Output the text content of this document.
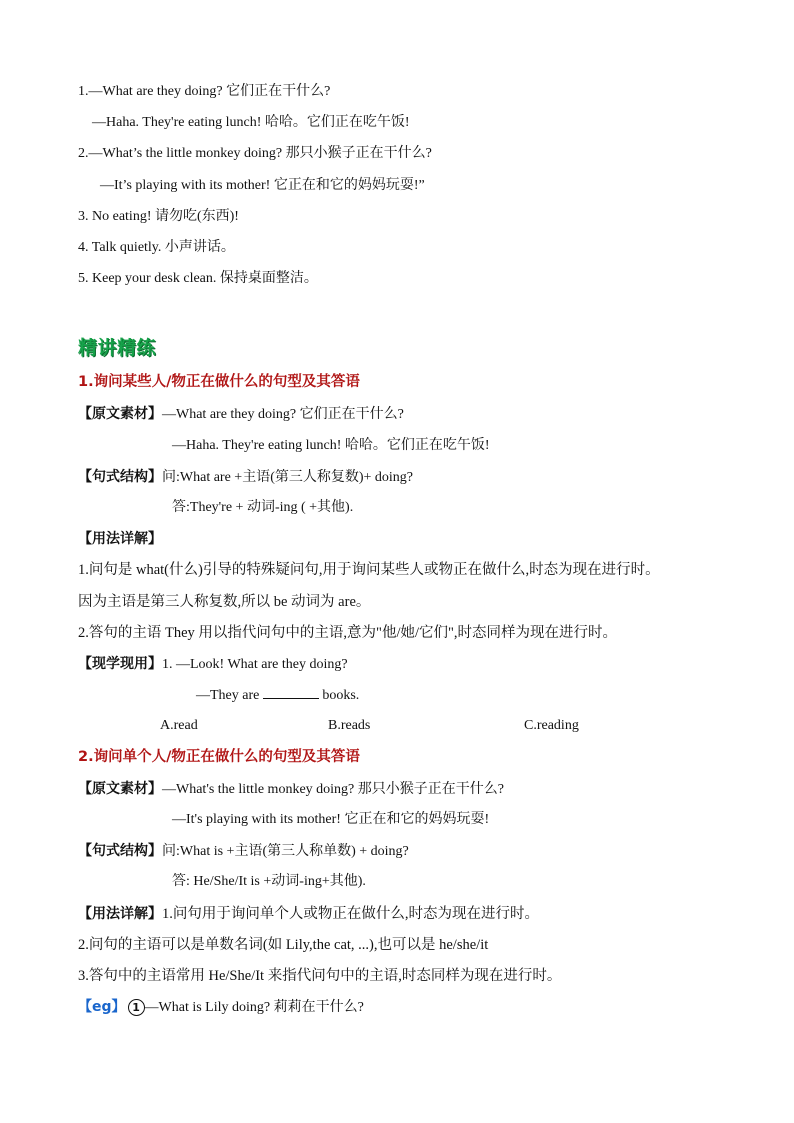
1.—What are they doing? 它们正在干什么?
—Haha. They're eating lunch! 哈哈。它们正在吃午饭!
2.—What’s the little monkey doing? 那只小猴子正在干什么?
—It’s playing with its mother! 它正在和它的妈妈玩耍!”
3. No eating! 请勿吃(东西)!
4. Talk quietly. 小声讲话。
5. Keep your desk clean. 保持桌面整洁。
精讲精练
1.询问某些人/物正在做什么的句型及其答语
【原文素材】—What are they doing? 它们正在干什么?
—Haha. They're eating lunch! 哈哈。它们正在吃午饭!
【句式结构】问:What are +主语(第三人称复数)+ doing?
答:They're + 动词-ing ( +其他).
【用法详解】
1.问句是 what(什么)引导的特殊疑问句,用于询问某些人或物正在做什么,时态为现在进行时。
因为主语是第三人称复数,所以 be 动词为 are。
2.答句的主语 They 用以指代问句中的主语,意为"他/她/它们",时态同样为现在进行时。
【现学现用】1. —Look! What are they doing?
—They are	books.
A.read	B.reads	C.reading
2.询问单个人/物正在做什么的句型及其答语
【原文素材】—What's the little monkey doing? 那只小猴子正在干什么?
—It's playing with its mother! 它正在和它的妈妈玩耍!
【句式结构】问:What is +主语(第三人称单数) + doing?
答: He/She/It is +动词-ing+其他).
【用法详解】1.问句用于询问单个人或物正在做什么,时态为现在进行时。
2.问句的主语可以是单数名词(如 Lily,the cat, ...),也可以是 he/she/it
3.答句中的主语常用 He/She/It 来指代问句中的主语,时态同样为现在进行时。
【eg】 1 —What is Lily doing? 莉莉在干什么?
